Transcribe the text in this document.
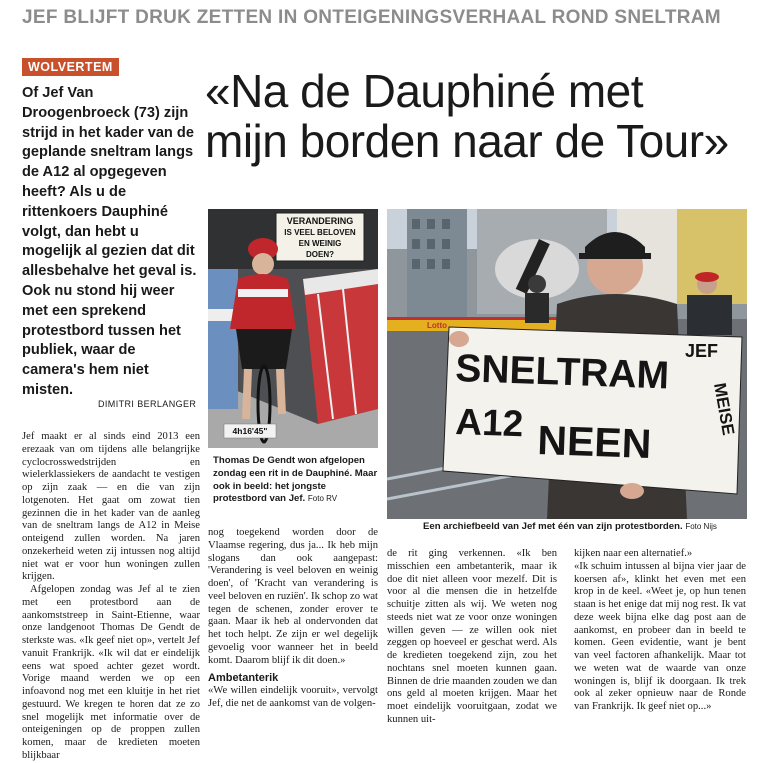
JEF BLIJFT DRUK ZETTEN IN ONTEIGENINGSVERHAAL ROND SNELTRAM
WOLVERTEM «Na de Dauphiné met
mijn borden naar de Tour»
Of Jef Van Droogenbroeck (73) zijn strijd in het kader van de geplande sneltram langs de A12 al opgegeven heeft? Als u de rittenkoers Dauphiné volgt, dan hebt u mogelijk al gezien dat dit allesbehalve het geval is. Ook nu stond hij weer met een sprekend protestbord tussen het publiek, waar de camera's hem niet misten.
DIMITRI BERLANGER
VERANDERING
IS VEEL BELOVEN
EN WEINIG
DOEN?
4h16'45"
Thomas De Gendt won afgelopen zondag een rit in de Dauphiné. Maar ook in beeld: het jongste protestbord van Jef. Foto RV
Lotto
SNELTRAM
A12 NEEN
JEF
MEISE
Een archiefbeeld van Jef met één van zijn protestborden. Foto Nijs

Jef maakt er al sinds eind 2013 een erezaak van om tijdens alle belangrijke cyclocrosswedstrijden en wielerklassiekers de aandacht te vestigen op zijn zaak — en die van zijn lotgenoten. Het gaat om zowat tien gezinnen die in het kader van de aanleg van de sneltram langs de A12 in Meise onteigend zullen worden. Na jaren onzekerheid weten zij intussen nog altijd niet wat er voor hun woningen zullen krijgen.

Afgelopen zondag was Jef al te zien met een protestbord aan de aankomststreep in Saint-Etienne, waar onze landgenoot Thomas De Gendt de sterkste was. «Ik geef niet op», vertelt Jef vanuit Frankrijk. «Ik wil dat er eindelijk eens wat spoed achter gezet wordt. Vorige maand werden we op een infoavond nog met een kluitje in het riet gestuurd. We kregen te horen dat ze zo snel mogelijk met informatie over de onteigeningen op de proppen zullen komen, maar de kredieten moeten blijkbaar

nog toegekend worden door de Vlaamse regering, dus ja... Ik heb mijn slogans dan ook aangepast: 'Verandering is veel beloven en weinig doen', of 'Kracht van verandering is veel beloven en ruziën'. Ik schop zo wat tegen de schenen, zonder erover te gaan. Maar ik heb al ondervonden dat het toch helpt. Ze zijn er wel degelijk gevoelig voor wanneer het in beeld komt. Daarom blijf ik dit doen.»

Ambetanterik

«We willen eindelijk vooruit», vervolgt Jef, die net de aankomst van de volgen-

de rit ging verkennen. «Ik ben misschien een ambetanterik, maar ik doe dit niet alleen voor mezelf. Dit is voor al die mensen die in hetzelfde schuitje zitten als wij. We weten nog steeds niet wat ze voor onze woningen willen geven — ze willen ook niet zeggen op hoeveel er geschat werd. Als de kredieten toegekend zijn, zou het nochtans snel moeten kunnen gaan. Binnen de drie maanden zouden we dan ons geld al moeten krijgen. Maar het moet eindelijk vooruitgaan, zodat we kunnen uit-

kijken naar een alternatief.»

«Ik schuim intussen al bijna vier jaar de koersen af», klinkt het even met een krop in de keel. «Weet je, op hun tenen staan is het enige dat mij nog rest. Ik vat deze week bijna elke dag post aan de aankomst, en probeer dan in beeld te komen. Geen evidentie, want je bent van veel factoren afhankelijk. Maar tot we weten wat de waarde van onze woningen is, blijf ik doorgaan. Ik trek ook al zeker opnieuw naar de Ronde van Frankrijk. Ik geef niet op...»
